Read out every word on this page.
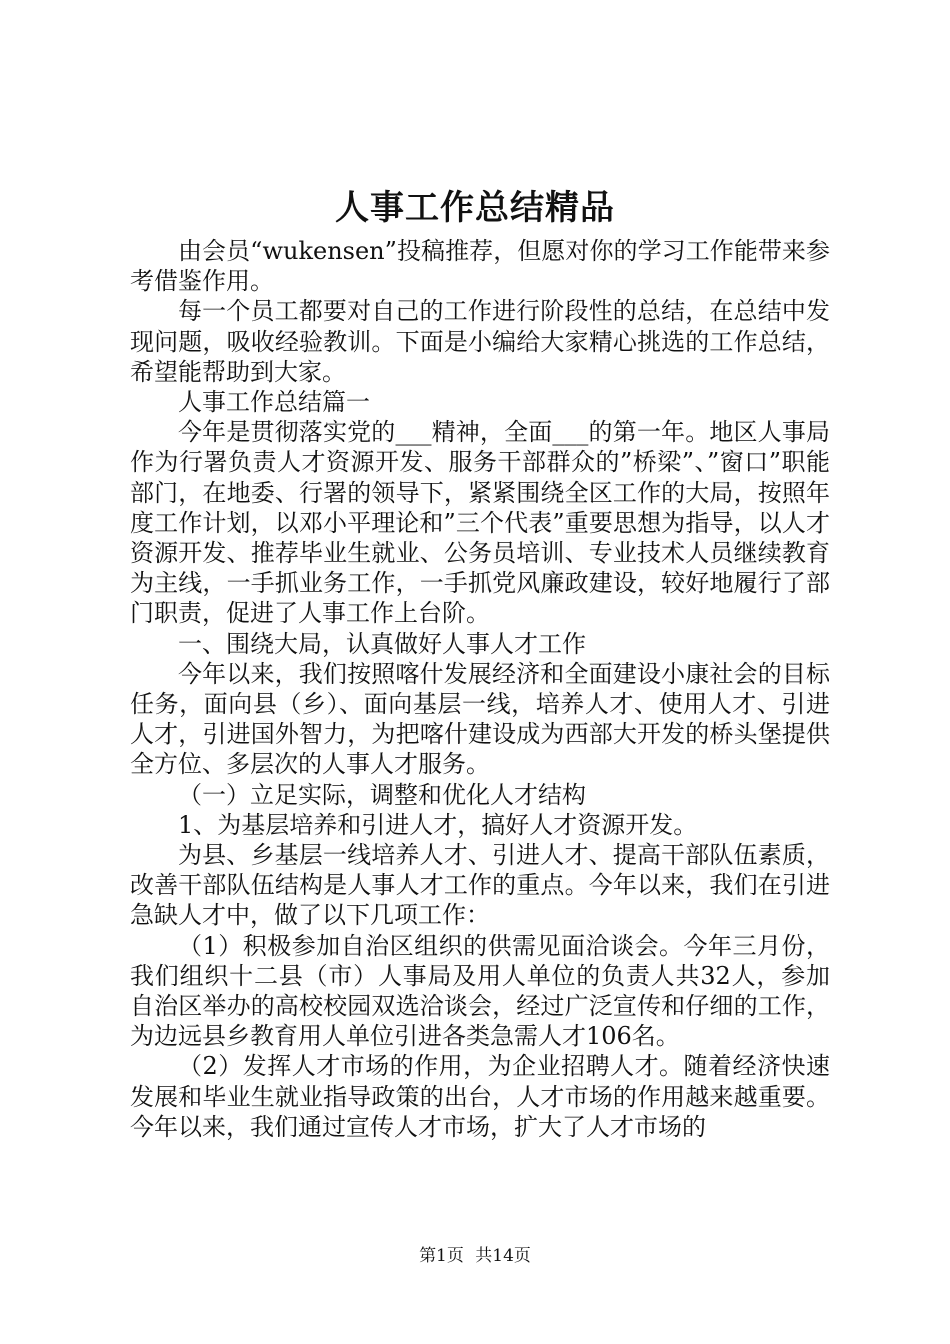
人事工作总结精品

由会员“wukensen”投稿推荐，但愿对你的学习工作能带来参考借鉴作用。

每一个员工都要对自己的工作进行阶段性的总结，在总结中发现问题，吸收经验教训。下面是小编给大家精心挑选的工作总结，希望能帮助到大家。

人事工作总结篇一

今年是贯彻落实党的___精神，全面___的第一年。地区人事局作为行署负责人才资源开发、服务干部群众的”桥梁”、”窗口”职能部门，在地委、行署的领导下，紧紧围绕全区工作的大局，按照年度工作计划，以邓小平理论和”三个代表”重要思想为指导，以人才资源开发、推荐毕业生就业、公务员培训、专业技术人员继续教育为主线，一手抓业务工作，一手抓党风廉政建设，较好地履行了部门职责，促进了人事工作上台阶。

一、围绕大局，认真做好人事人才工作

今年以来，我们按照喀什发展经济和全面建设小康社会的目标任务，面向县（乡）、面向基层一线，培养人才、使用人才、引进人才，引进国外智力，为把喀什建设成为西部大开发的桥头堡提供全方位、多层次的人事人才服务。

（一）立足实际，调整和优化人才结构

1、为基层培养和引进人才，搞好人才资源开发。

为县、乡基层一线培养人才、引进人才、提高干部队伍素质，改善干部队伍结构是人事人才工作的重点。今年以来，我们在引进急缺人才中，做了以下几项工作：

（1）积极参加自治区组织的供需见面洽谈会。今年三月份，我们组织十二县（市）人事局及用人单位的负责人共32人，参加自治区举办的高校校园双选洽谈会，经过广泛宣传和仔细的工作，为边远县乡教育用人单位引进各类急需人才106名。

（2）发挥人才市场的作用，为企业招聘人才。随着经济快速发展和毕业生就业指导政策的出台，人才市场的作用越来越重要。今年以来，我们通过宣传人才市场，扩大了人才市场的

第1页 共14页
